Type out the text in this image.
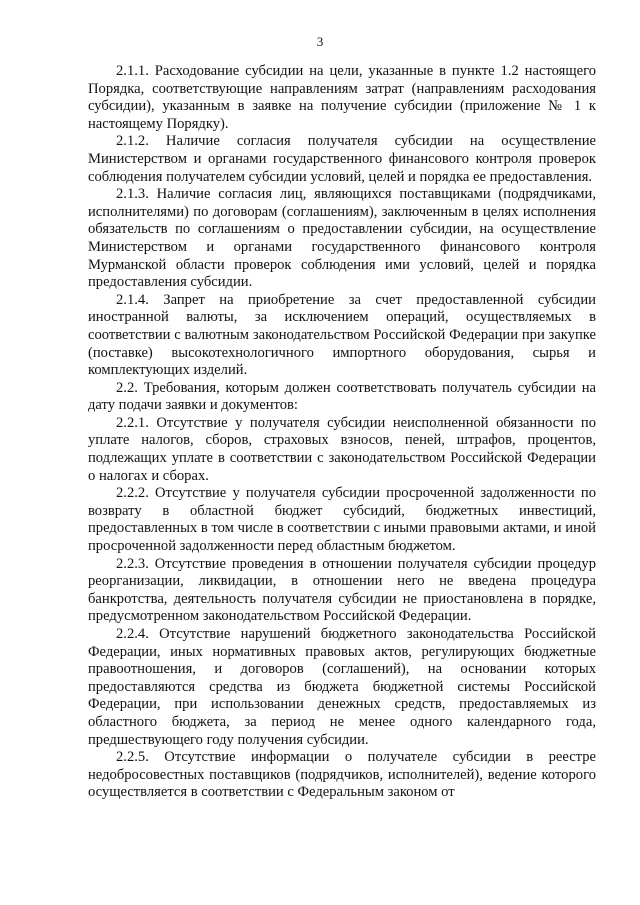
3

2.1.1. Расходование субсидии на цели, указанные в пункте 1.2 настоящего Порядка, соответствующие направлениям затрат (направлениям расходования субсидии), указанным в заявке на получение субсидии (приложение № 1 к настоящему Порядку).

2.1.2. Наличие согласия получателя субсидии на осуществление Министерством и органами государственного финансового контроля проверок соблюдения получателем субсидии условий, целей и порядка ее предоставления.

2.1.3. Наличие согласия лиц, являющихся поставщиками (подрядчиками, исполнителями) по договорам (соглашениям), заключенным в целях исполнения обязательств по соглашениям о предоставлении субсидии, на осуществление Министерством и органами государственного финансового контроля Мурманской области проверок соблюдения ими условий, целей и порядка предоставления субсидии.

2.1.4. Запрет на приобретение за счет предоставленной субсидии иностранной валюты, за исключением операций, осуществляемых в соответствии с валютным законодательством Российской Федерации при закупке (поставке) высокотехнологичного импортного оборудования, сырья и комплектующих изделий.

2.2. Требования, которым должен соответствовать получатель субсидии на дату подачи заявки и документов:

2.2.1. Отсутствие у получателя субсидии неисполненной обязанности по уплате налогов, сборов, страховых взносов, пеней, штрафов, процентов, подлежащих уплате в соответствии с законодательством Российской Федерации о налогах и сборах.

2.2.2. Отсутствие у получателя субсидии просроченной задолженности по возврату в областной бюджет субсидий, бюджетных инвестиций, предоставленных в том числе в соответствии с иными правовыми актами, и иной просроченной задолженности перед областным бюджетом.

2.2.3. Отсутствие проведения в отношении получателя субсидии процедур реорганизации, ликвидации, в отношении него не введена процедура банкротства, деятельность получателя субсидии не приостановлена в порядке, предусмотренном законодательством Российской Федерации.

2.2.4. Отсутствие нарушений бюджетного законодательства Российской Федерации, иных нормативных правовых актов, регулирующих бюджетные правоотношения, и договоров (соглашений), на основании которых предоставляются средства из бюджета бюджетной системы Российской Федерации, при использовании денежных средств, предоставляемых из областного бюджета, за период не менее одного календарного года, предшествующего году получения субсидии.

2.2.5. Отсутствие информации о получателе субсидии в реестре недобросовестных поставщиков (подрядчиков, исполнителей), ведение которого осуществляется в соответствии с Федеральным законом от
